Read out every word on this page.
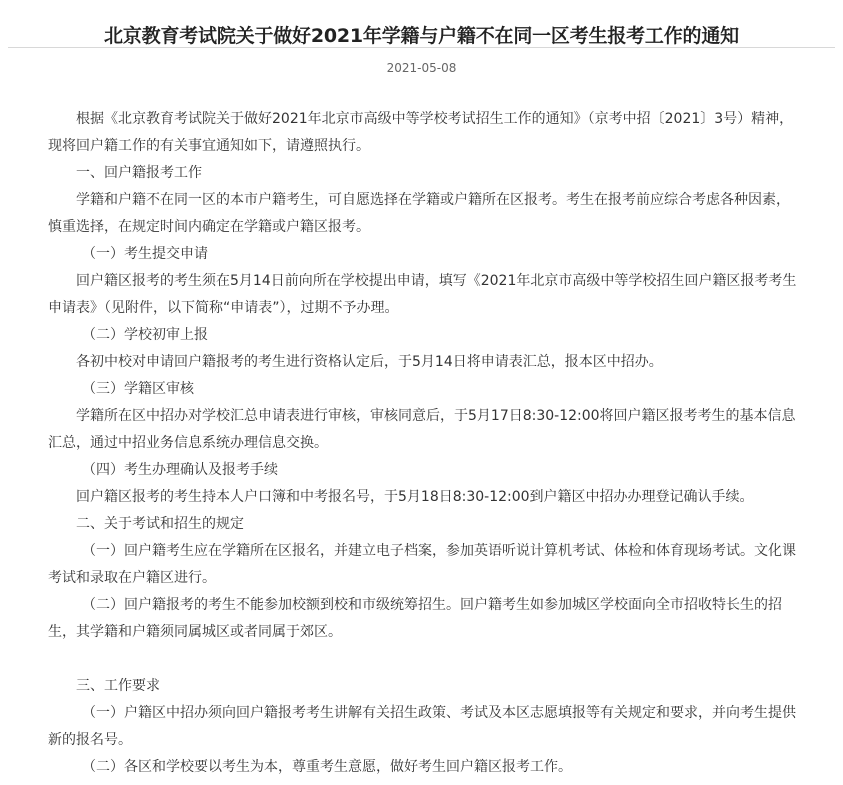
北京教育考试院关于做好2021年学籍与户籍不在同一区考生报考工作的通知
2021-05-08

根据《北京教育考试院关于做好2021年北京市高级中等学校考试招生工作的通知》（京考中招〔2021〕3号）精神，现将回户籍工作的有关事宜通知如下，请遵照执行。

一、回户籍报考工作

学籍和户籍不在同一区的本市户籍考生，可自愿选择在学籍或户籍所在区报考。考生在报考前应综合考虑各种因素，慎重选择，在规定时间内确定在学籍或户籍区报考。

（一）考生提交申请

回户籍区报考的考生须在5月14日前向所在学校提出申请，填写《2021年北京市高级中等学校招生回户籍区报考考生申请表》（见附件，以下简称“申请表”），过期不予办理。

（二）学校初审上报

各初中校对申请回户籍报考的考生进行资格认定后，于5月14日将申请表汇总，报本区中招办。

（三）学籍区审核

学籍所在区中招办对学校汇总申请表进行审核，审核同意后，于5月17日8:30-12:00将回户籍区报考考生的基本信息汇总，通过中招业务信息系统办理信息交换。

（四）考生办理确认及报考手续

回户籍区报考的考生持本人户口簿和中考报名号，于5月18日8:30-12:00到户籍区中招办办理登记确认手续。

二、关于考试和招生的规定

（一）回户籍考生应在学籍所在区报名，并建立电子档案，参加英语听说计算机考试、体检和体育现场考试。文化课考试和录取在户籍区进行。

（二）回户籍报考的考生不能参加校额到校和市级统筹招生。回户籍考生如参加城区学校面向全市招收特长生的招生，其学籍和户籍须同属城区或者同属于郊区。

三、工作要求

（一）户籍区中招办须向回户籍报考考生讲解有关招生政策、考试及本区志愿填报等有关规定和要求，并向考生提供新的报名号。

（二）各区和学校要以考生为本，尊重考生意愿，做好考生回户籍区报考工作。
